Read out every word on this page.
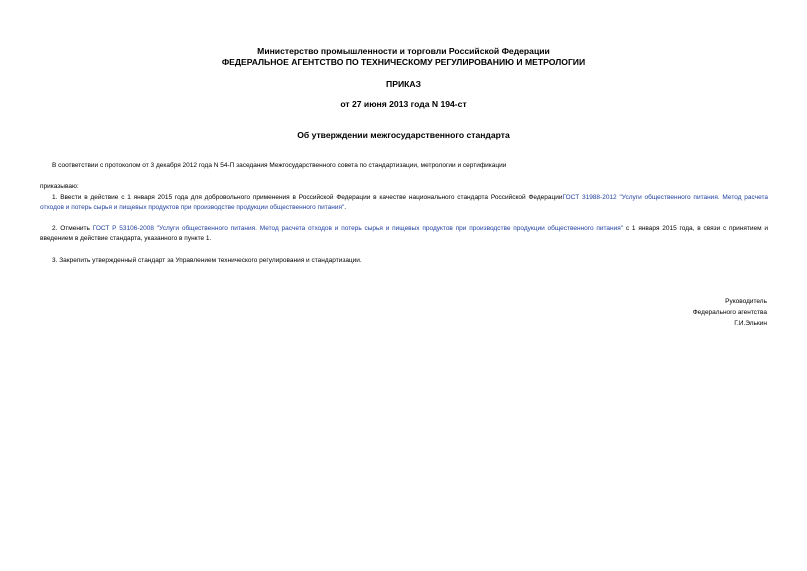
Министерство промышленности и торговли Российской Федерации
ФЕДЕРАЛЬНОЕ АГЕНТСТВО ПО ТЕХНИЧЕСКОМУ РЕГУЛИРОВАНИЮ И МЕТРОЛОГИИ
ПРИКАЗ
от 27 июня 2013 года N 194-ст
Об утверждении межгосударственного стандарта
В соответствии с протоколом от 3 декабря 2012 года N 54-П заседания Межгосударственного совета по стандартизации, метрологии и сертификации
приказываю:
1. Ввести в действие с 1 января 2015 года для добровольного применения в Российской Федерации в качестве национального стандарта Российской ФедерацииГОСТ 31988-2012 "Услуги общественного питания. Метод расчета отходов и потерь сырья и пищевых продуктов при производстве продукции общественного питания".
2. Отменить ГОСТ Р 53106-2008 "Услуги общественного питания. Метод расчета отходов и потерь сырья и пищевых продуктов при производстве продукции общественного питания" с 1 января 2015 года, в связи с принятием и введением в действие стандарта, указанного в пункте 1.
3. Закрепить утвержденный стандарт за Управлением технического регулирования и стандартизации.
Руководитель
Федерального агентства
Г.И.Элькин
